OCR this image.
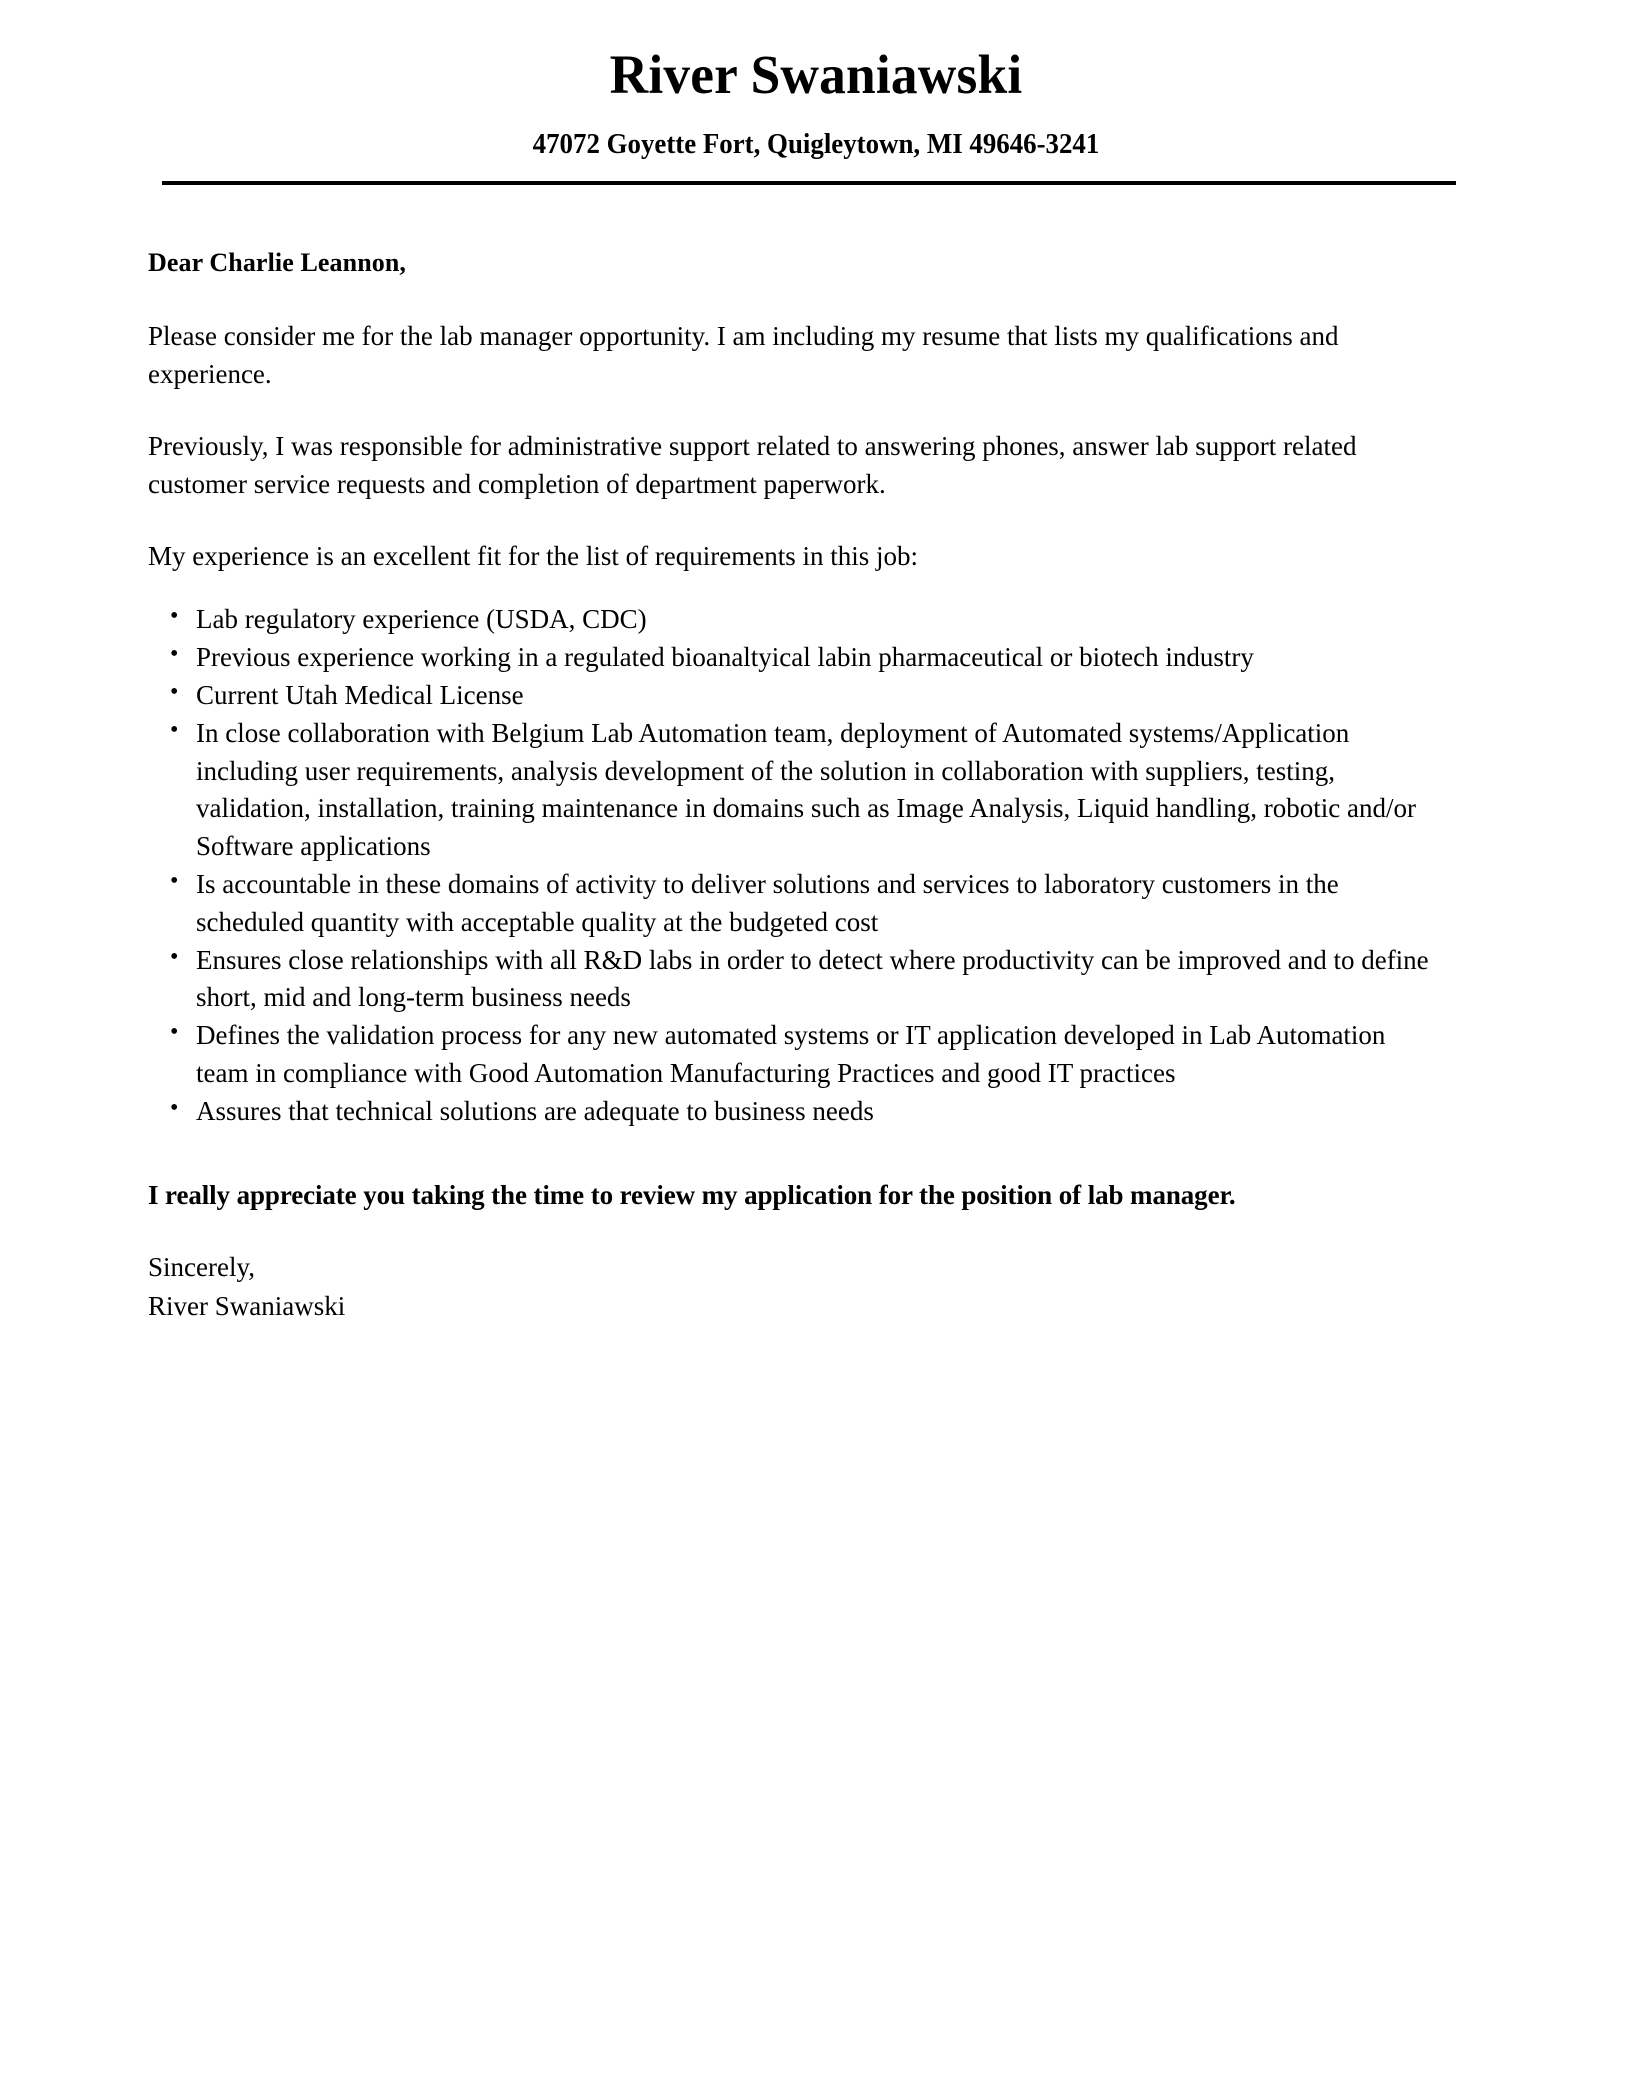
River Swaniawski
47072 Goyette Fort, Quigleytown, MI 49646-3241

Dear Charlie Leannon,

Please consider me for the lab manager opportunity. I am including my resume that lists my qualifications and experience.

Previously, I was responsible for administrative support related to answering phones, answer lab support related customer service requests and completion of department paperwork.

My experience is an excellent fit for the list of requirements in this job:

• Lab regulatory experience (USDA, CDC)
• Previous experience working in a regulated bioanaltyical labin pharmaceutical or biotech industry
• Current Utah Medical License
• In close collaboration with Belgium Lab Automation team, deployment of Automated systems/Application including user requirements, analysis development of the solution in collaboration with suppliers, testing, validation, installation, training maintenance in domains such as Image Analysis, Liquid handling, robotic and/or Software applications
• Is accountable in these domains of activity to deliver solutions and services to laboratory customers in the scheduled quantity with acceptable quality at the budgeted cost
• Ensures close relationships with all R&D labs in order to detect where productivity can be improved and to define short, mid and long-term business needs
• Defines the validation process for any new automated systems or IT application developed in Lab Automation team in compliance with Good Automation Manufacturing Practices and good IT practices
• Assures that technical solutions are adequate to business needs

I really appreciate you taking the time to review my application for the position of lab manager.

Sincerely,
River Swaniawski
